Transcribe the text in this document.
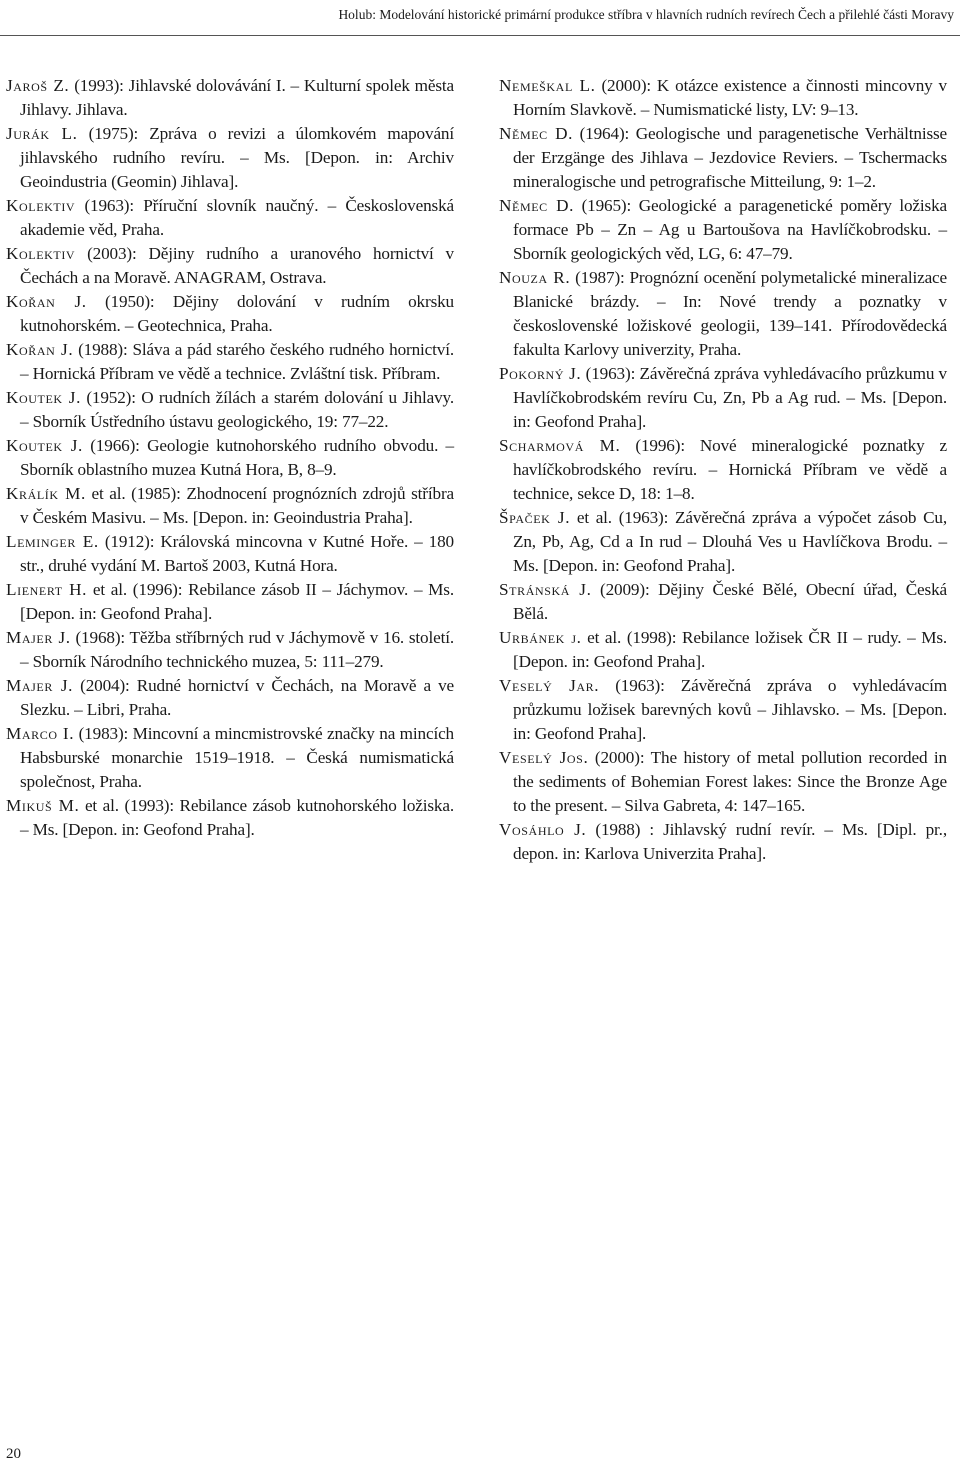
Holub: Modelování historické primární produkce stříbra v hlavních rudních revírech Čech a přilehlé části Moravy

Jaroš Z. (1993): Jihlavské dolovávání I. – Kulturní spolek města Jihlavy. Jihlava.

Jurák L. (1975): Zpráva o revizi a úlomkovém mapování jihlavského rudního revíru. – Ms. [Depon. in: Archiv Geoindustria (Geomin) Jihlava].

Kolektiv (1963): Příruční slovník naučný. – Československá akademie věd, Praha.

Kolektiv (2003): Dějiny rudního a uranového hornictví v Čechách a na Moravě. ANAGRAM, Ostrava.

Kořan J. (1950): Dějiny dolování v rudním okrsku kutnohorském. – Geotechnica, Praha.

Kořan J. (1988): Sláva a pád starého českého rudného hornictví. – Hornická Příbram ve vědě a technice. Zvláštní tisk. Příbram.

Koutek J. (1952): O rudních žílách a starém dolování u Jihlavy. – Sborník Ústředního ústavu geologického, 19: 77–22.

Koutek J. (1966): Geologie kutnohorského rudního obvodu. – Sborník oblastního muzea Kutná Hora, B, 8–9.

Králík M. et al. (1985): Zhodnocení prognózních zdrojů stříbra v Českém Masivu. – Ms. [Depon. in: Geoindustria Praha].

Leminger E. (1912): Královská mincovna v Kutné Hoře. – 180 str., druhé vydání M. Bartoš 2003, Kutná Hora.

Lienert H. et al. (1996): Rebilance zásob II – Jáchymov. – Ms. [Depon. in: Geofond Praha].

Majer J. (1968): Těžba stříbrných rud v Jáchymově v 16. století. – Sborník Národního technického muzea, 5: 111–279.

Majer J. (2004): Rudné hornictví v Čechách, na Moravě a ve Slezku. – Libri, Praha.

Marco I. (1983): Mincovní a mincmistrovské značky na mincích Habsburské monarchie 1519–1918. – Česká numismatická společnost, Praha.

Mikuš M. et al. (1993): Rebilance zásob kutnohorského ložiska. – Ms. [Depon. in: Geofond Praha].

Nemeškal L. (2000): K otázce existence a činnosti mincovny v Horním Slavkově. – Numismatické listy, LV: 9–13.

Němec D. (1964): Geologische und paragenetische Verhältnisse der Erzgänge des Jihlava – Jezdovice Reviers. – Tschermacks mineralogische und petrografische Mitteilung, 9: 1–2.

Němec D. (1965): Geologické a paragenetické poměry ložiska formace Pb – Zn – Ag u Bartoušova na Havlíčkobrodsku. – Sborník geologických věd, LG, 6: 47–79.

Nouza R. (1987): Prognózní ocenění polymetalické mineralizace Blanické brázdy. – In: Nové trendy a poznatky v československé ložiskové geologii, 139–141. Přírodovědecká fakulta Karlovy univerzity, Praha.

Pokorný J. (1963): Závěrečná zpráva vyhledávacího průzkumu v Havlíčkobrodském revíru Cu, Zn, Pb a Ag rud. – Ms. [Depon. in: Geofond Praha].

Scharmová M. (1996): Nové mineralogické poznatky z havlíčkobrodského revíru. – Hornická Příbram ve vědě a technice, sekce D, 18: 1–8.

Špaček J. et al. (1963): Závěrečná zpráva a výpočet zásob Cu, Zn, Pb, Ag, Cd a In rud – Dlouhá Ves u Havlíčkova Brodu. – Ms. [Depon. in: Geofond Praha].

Stránská J. (2009): Dějiny České Bělé, Obecní úřad, Česká Bělá.

Urbánek j. et al. (1998): Rebilance ložisek ČR II – rudy. – Ms. [Depon. in: Geofond Praha].

Veselý Jar. (1963): Závěrečná zpráva o vyhledávacím průzkumu ložisek barevných kovů – Jihlavsko. – Ms. [Depon. in: Geofond Praha].

Veselý Jos. (2000): The history of metal pollution recorded in the sediments of Bohemian Forest lakes: Since the Bronze Age to the present. – Silva Gabreta, 4: 147–165.

Vosáhlo J. (1988) : Jihlavský rudní revír. – Ms. [Dipl. pr., depon. in: Karlova Univerzita Praha].

20
